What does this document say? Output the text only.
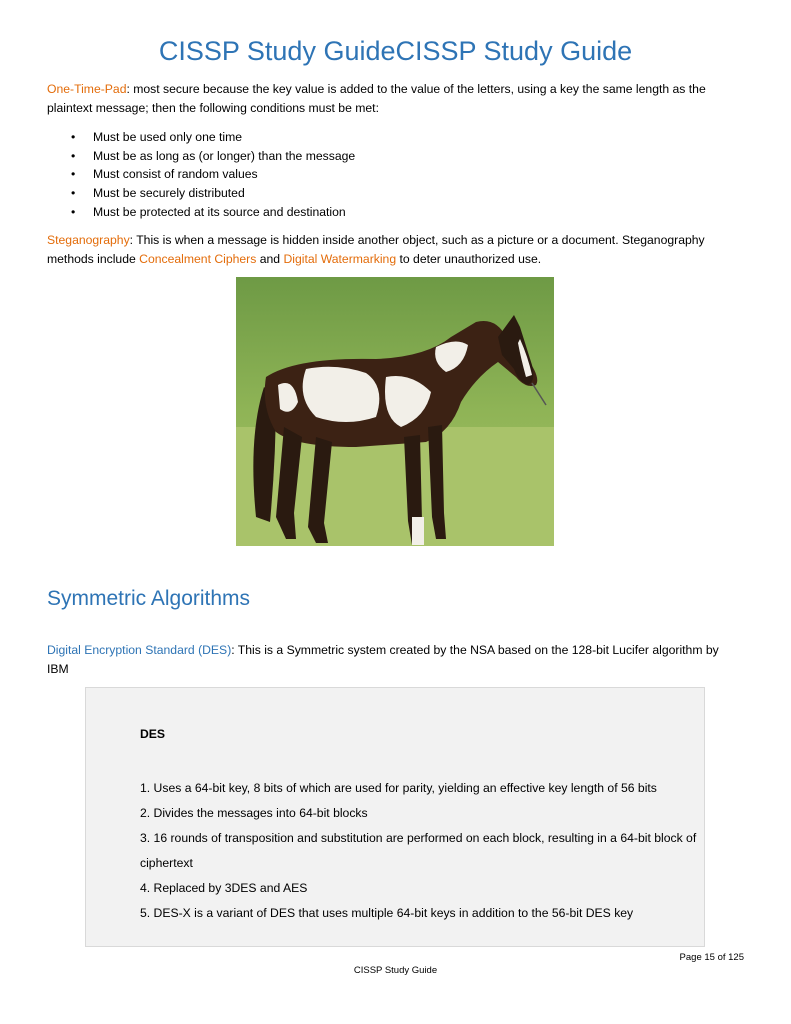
CISSP Study GuideCISSP Study Guide

One-Time-Pad: most secure because the key value is added to the value of the letters, using a key the same length as the plaintext message; then the following conditions must be met:

• Must be used only one time
• Must be as long as (or longer) than the message
• Must consist of random values
• Must be securely distributed
• Must be protected at its source and destination

Steganography: This is when a message is hidden inside another object, such as a picture or a document. Steganography methods include Concealment Ciphers and Digital Watermarking to deter unauthorized use.

Symmetric Algorithms

Digital Encryption Standard (DES): This is a Symmetric system created by the NSA based on the 128-bit Lucifer algorithm by IBM

DES
1. Uses a 64-bit key, 8 bits of which are used for parity, yielding an effective key length of 56 bits
2. Divides the messages into 64-bit blocks
3. 16 rounds of transposition and substitution are performed on each block, resulting in a 64-bit block of ciphertext
4. Replaced by 3DES and AES
5. DES-X is a variant of DES that uses multiple 64-bit keys in addition to the 56-bit DES key
Page 15 of 125
CISSP Study Guide
